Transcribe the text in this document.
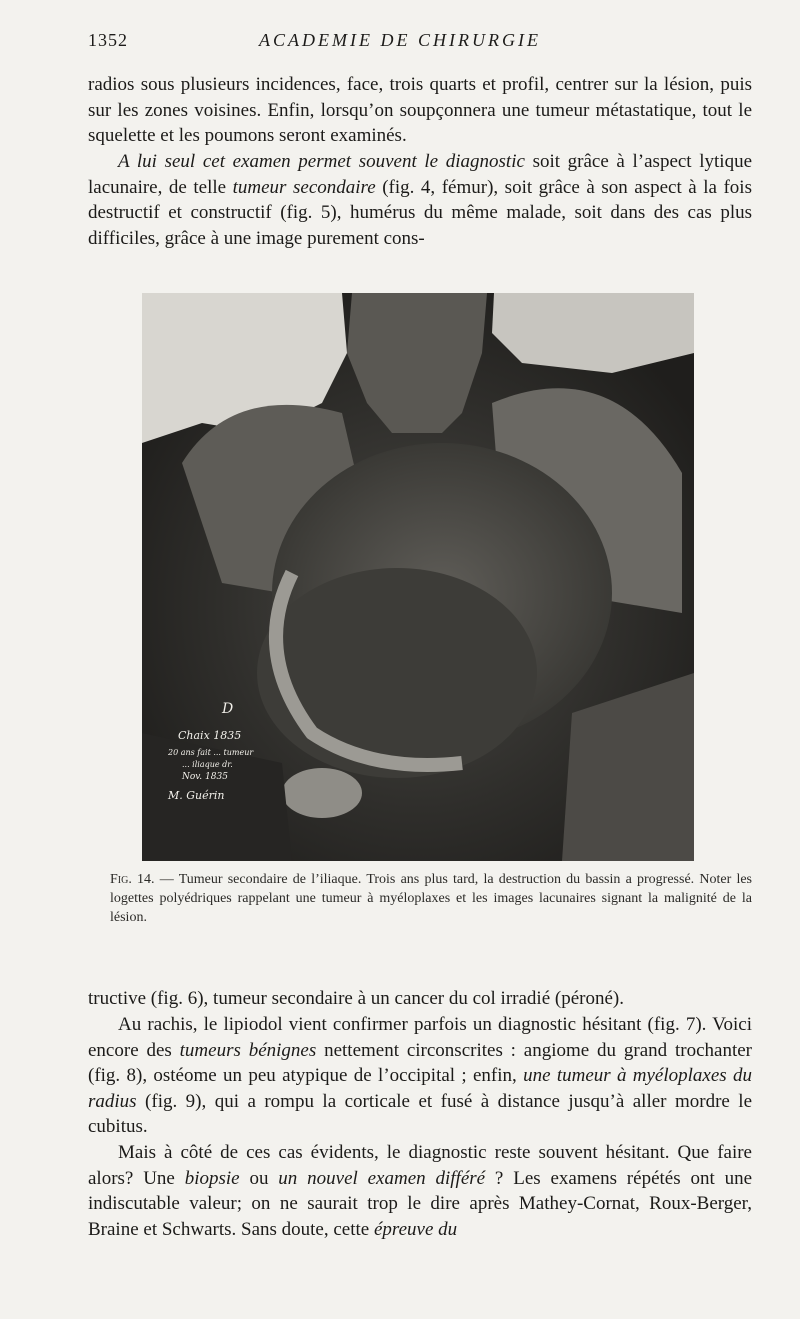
1352	ACADEMIE DE CHIRURGIE

radios sous plusieurs incidences, face, trois quarts et profil, centrer sur la lésion, puis sur les zones voisines. Enfin, lorsqu’on soupçonnera une tumeur métastatique, tout le squelette et les poumons seront examinés.

A lui seul cet examen permet souvent le diagnostic soit grâce à l’aspect lytique lacunaire, de telle tumeur secondaire (fig. 4, fémur), soit grâce à son aspect à la fois destructif et constructif (fig. 5), humérus du même malade, soit dans des cas plus difficiles, grâce à une image purement cons-

D
Chaix 1835
20 ans fait ... tumeur
... iliaque dr.
Nov. 1835
M. Guérin

Fig. 14. — Tumeur secondaire de l’iliaque. Trois ans plus tard, la destruction du bassin a progressé. Noter les logettes polyédriques rappelant une tumeur à myéloplaxes et les images lacunaires signant la malignité de la lésion.

tructive (fig. 6), tumeur secondaire à un cancer du col irradié (péroné).

Au rachis, le lipiodol vient confirmer parfois un diagnostic hésitant (fig. 7). Voici encore des tumeurs bénignes nettement circonscrites : angiome du grand trochanter (fig. 8), ostéome un peu atypique de l’occipital ; enfin, une tumeur à myéloplaxes du radius (fig. 9), qui a rompu la corticale et fusé à distance jusqu’à aller mordre le cubitus.

Mais à côté de ces cas évidents, le diagnostic reste souvent hésitant. Que faire alors? Une biopsie ou un nouvel examen différé ? Les examens répétés ont une indiscutable valeur; on ne saurait trop le dire après Mathey-Cornat, Roux-Berger, Braine et Schwarts. Sans doute, cette épreuve du
